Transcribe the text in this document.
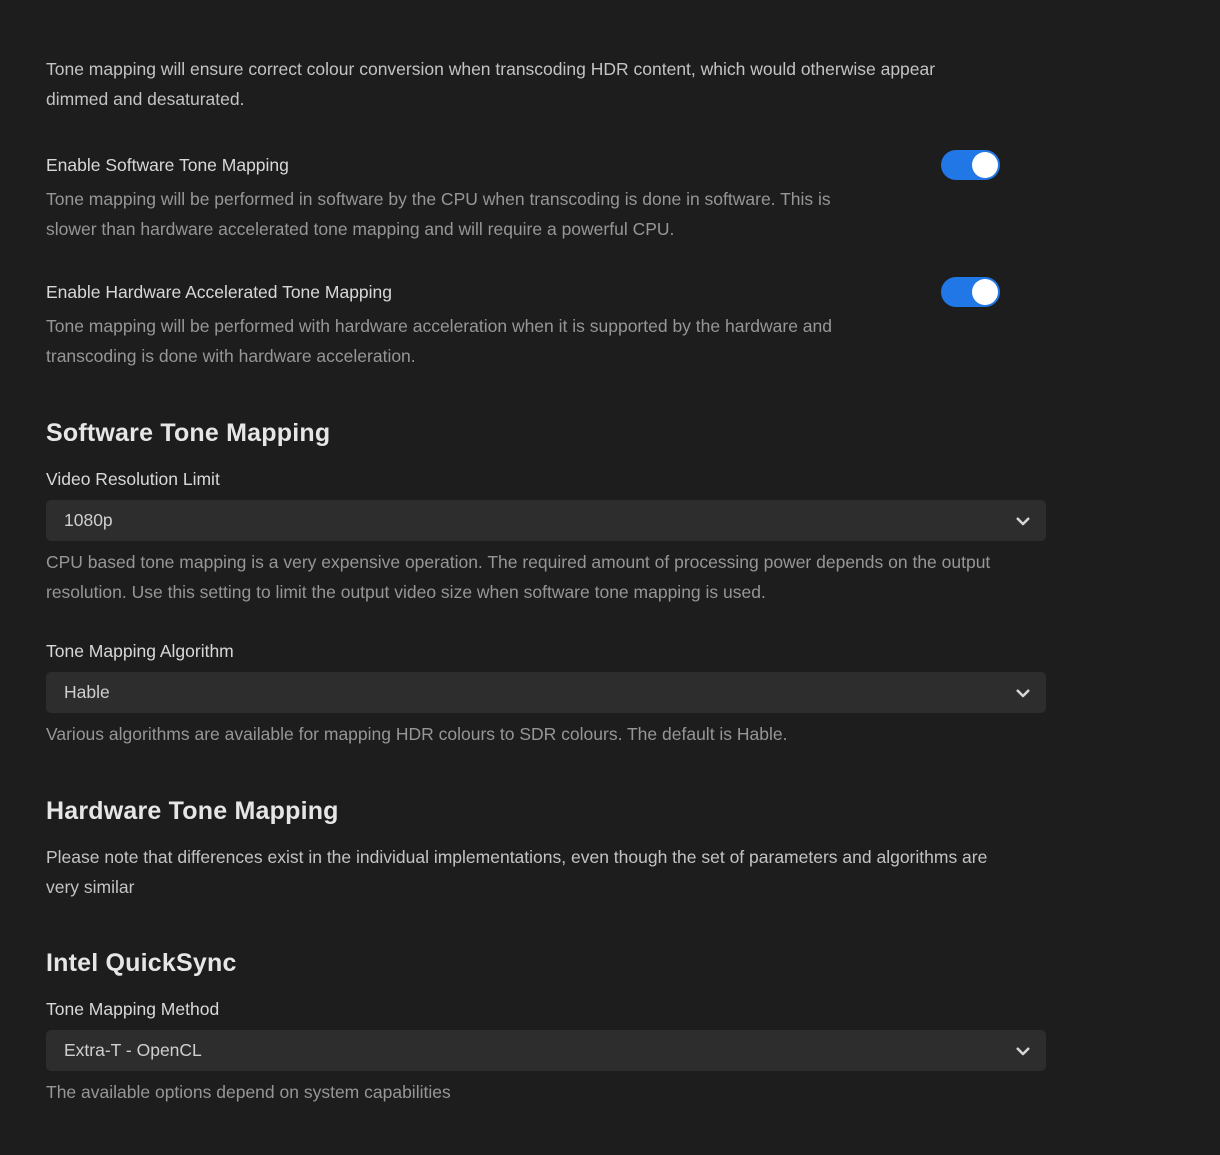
Tone mapping will ensure correct colour conversion when transcoding HDR content, which would otherwise appear dimmed and desaturated.

Enable Software Tone Mapping
Tone mapping will be performed in software by the CPU when transcoding is done in software. This is slower than hardware accelerated tone mapping and will require a powerful CPU.
Enable Hardware Accelerated Tone Mapping
Tone mapping will be performed with hardware acceleration when it is supported by the hardware and transcoding is done with hardware acceleration.
Software Tone Mapping
Video Resolution Limit
1080p
CPU based tone mapping is a very expensive operation. The required amount of processing power depends on the output resolution. Use this setting to limit the output video size when software tone mapping is used.
Tone Mapping Algorithm
Hable
Various algorithms are available for mapping HDR colours to SDR colours. The default is Hable.
Hardware Tone Mapping

Please note that differences exist in the individual implementations, even though the set of parameters and algorithms are very similar

Intel QuickSync
Tone Mapping Method
Extra-T - OpenCL
The available options depend on system capabilities
